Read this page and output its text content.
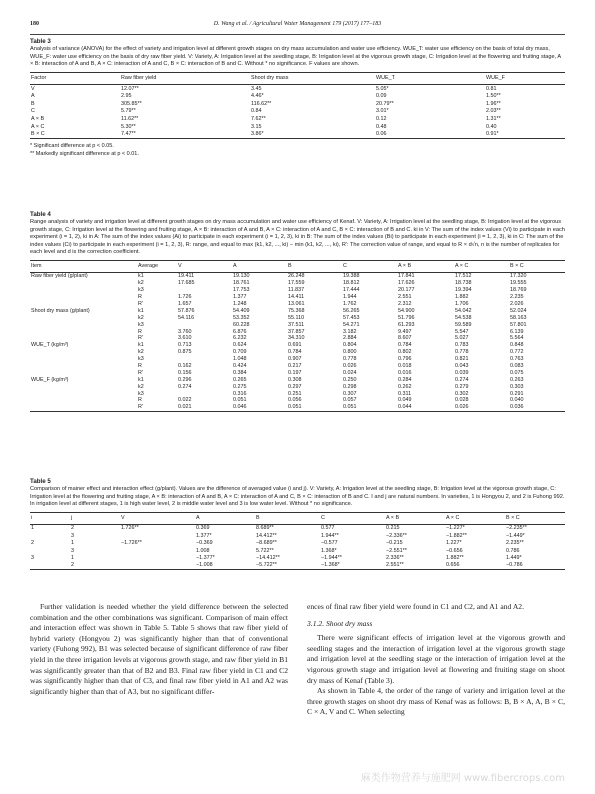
180	D. Wang et al. / Agricultural Water Management 179 (2017) 177–183
Table 3
Analysis of variance (ANOVA) for the effect of variety and irrigation level at different growth stages on dry mass accumulation and water use efficiency. WUE_T: water use efficiency on the basis of total dry mass, WUE_F: water use efficiency on the basis of dry raw fiber yield. V: Variety, A: Irrigation level at the seedling stage, B: Irrigation level at the vigorous growth stage, C: Irrigation level at the flowering and fruiting stage, A × B: interaction of A and B, A × C: interaction of A and C, B × C: interaction of B and C. Without * no significance. F values are shown.
Factor	Raw fiber yield	Shoot dry mass	WUE_T	WUE_F
V	12.07**	3.45	5.05*	0.81
A	2.95	4.46*	0.09	1.50**
B	305.85**	116.62**	20.79**	1.96**
C	5.79**	0.84	3.01*	2.03**
A × B	11.62**	7.62**	0.12	1.31**
A × C	5.30**	3.15	0.48	0.40
B × C	7.47**	3.86*	0.06	0.91*
* Significant difference at p < 0.05.
** Markedly significant difference at p < 0.01.
Table 4
Range analysis of variety and irrigation level at different growth stages on dry mass accumulation and water use efficiency of Kenaf. V: Variety, A: Irrigation level at the seedling stage, B: Irrigation level at the vigorous growth stage, C: Irrigation level at the flowering and fruiting stage, A × B: interaction of A and B, A × C: interaction of A and C, B × C: interaction of B and C. ki in V: The sum of the index values (Vi) to participate in each experiment (i = 1, 2), ki in A: The sum of the index values (Ai) to participate in each experiment (i = 1, 2, 3), ki in B: The sum of the index values (Bi) to participate in each experiment (i = 1, 2, 3), ki in C: The sum of the index values (Ci) to participate in each experiment (i = 1, 2, 3), R: range, and equal to max (k1, k2, ..., ki) − min (k1, k2, ..., ki), R': The correction value of range, and equal to R × d√n, n is the number of replicates for each level and d is the correction coefficient.
Item	Average	V	A	B	C	A × B	A × C	B × C
Raw fiber yield (g/plant)	k1	19.411	19.130	26.248	19.388	17.841	17.512	17.320
	k2	17.685	18.761	17.559	18.812	17.626	18.738	19.555
	k3		17.753	11.837	17.444	20.177	19.394	18.769
	R	1.726	1.377	14.411	1.944	2.551	1.882	2.235
	R'	1.657	1.248	13.061	1.762	2.312	1.706	2.026
Shoot dry mass (g/plant)	k1	57.876	54.409	75.368	56.265	54.900	54.042	52.024
	k2	54.116	53.352	55.110	57.453	51.796	54.538	58.163
	k3		60.228	37.511	54.271	61.293	59.589	57.801
	R	3.760	6.876	37.857	3.182	9.497	5.547	6.139
	R'	3.610	6.232	34.310	2.884	8.607	5.027	5.564
WUE_T (kg/m³)	k1	0.713	0.624	0.691	0.804	0.784	0.783	0.848
	k2	0.875	0.709	0.784	0.800	0.802	0.778	0.772
	k3		1.048	0.907	0.778	0.796	0.821	0.763
	R	0.162	0.424	0.217	0.026	0.018	0.043	0.083
	R'	0.156	0.384	0.197	0.024	0.016	0.039	0.075
WUE_F (kg/m³)	k1	0.296	0.265	0.308	0.250	0.284	0.274	0.263
	k2	0.274	0.275	0.297	0.298	0.262	0.279	0.303
	k3		0.316	0.251	0.307	0.311	0.302	0.291
	R	0.022	0.051	0.056	0.057	0.049	0.028	0.040
	R'	0.021	0.046	0.051	0.051	0.044	0.026	0.036
Table 5
Comparison of mainer effect and interaction effect (g/plant). Values are the difference of averaged value (i and j). V: Variety, A: Irrigation level at the seedling stage, B: Irrigation level at the vigorous growth stage, C: Irrigation level at the flowering and fruiting stage, A × B: interaction of A and B, A × C: interaction of A and C, B × C: interaction of B and C. I and j are natural numbers. In varieties, 1 is Hongyou 2, and 2 is Fuhong 992. In irrigation level at different stages, 1 is high water level, 2 is middle water level and 3 is low water level. Without * no significance.
i	j	V	A	B	C	A × B	A × C	B × C
1	2	1.726**	0.369	8.689**	0.577	0.215	−1.227*	−2.235**
	3		1.377*	14.412**	1.944**	−2.336**	−1.882**	−1.449*
2	1	−1.726**	−0.369	−8.689**	−0.577	−0.215	1.227*	2.235**
	3		1.008	5.722**	1.368*	−2.551**	−0.656	0.786
3	1		−1.377*	−14.412**	−1.944**	2.336**	1.882**	1.449*
	2		−1.008	−5.722**	−1.368*	2.551**	0.656	−0.786

Further validation is needed whether the yield difference between the selected combination and the other combinations was significant. Comparison of main effect and interaction effect was shown in Table 5. Table 5 shows that raw fiber yield of hybrid variety (Hongyou 2) was significantly higher than that of conventional variety (Fuhong 992), B1 was selected because of significant difference of raw fiber yield in the three irrigation levels at vigorous growth stage, and raw fiber yield in B1 was significantly greater than that of B2 and B3. Final raw fiber yield in C1 and C2 was significantly higher than that of C3, and final raw fiber yield in A1 and A2 was significantly higher than that of A3, but no significant differ-

ences of final raw fiber yield were found in C1 and C2, and A1 and A2.

3.1.2. Shoot dry mass

There were significant effects of irrigation level at the vigorous growth and seedling stages and the interaction of irrigation level at the vigorous growth stage and irrigation level at the seedling stage or the interaction of irrigation level at the vigorous growth stage and irrigation level at flowering and fruiting stage on shoot dry mass of Kenaf (Table 3).

As shown in Table 4, the order of the range of variety and irrigation level at the three growth stages on shoot dry mass of Kenaf was as follows: B, B × A, A, B × C, C × A, V and C. When selecting

麻类作物营养与施肥网 www.fibercrops.com
